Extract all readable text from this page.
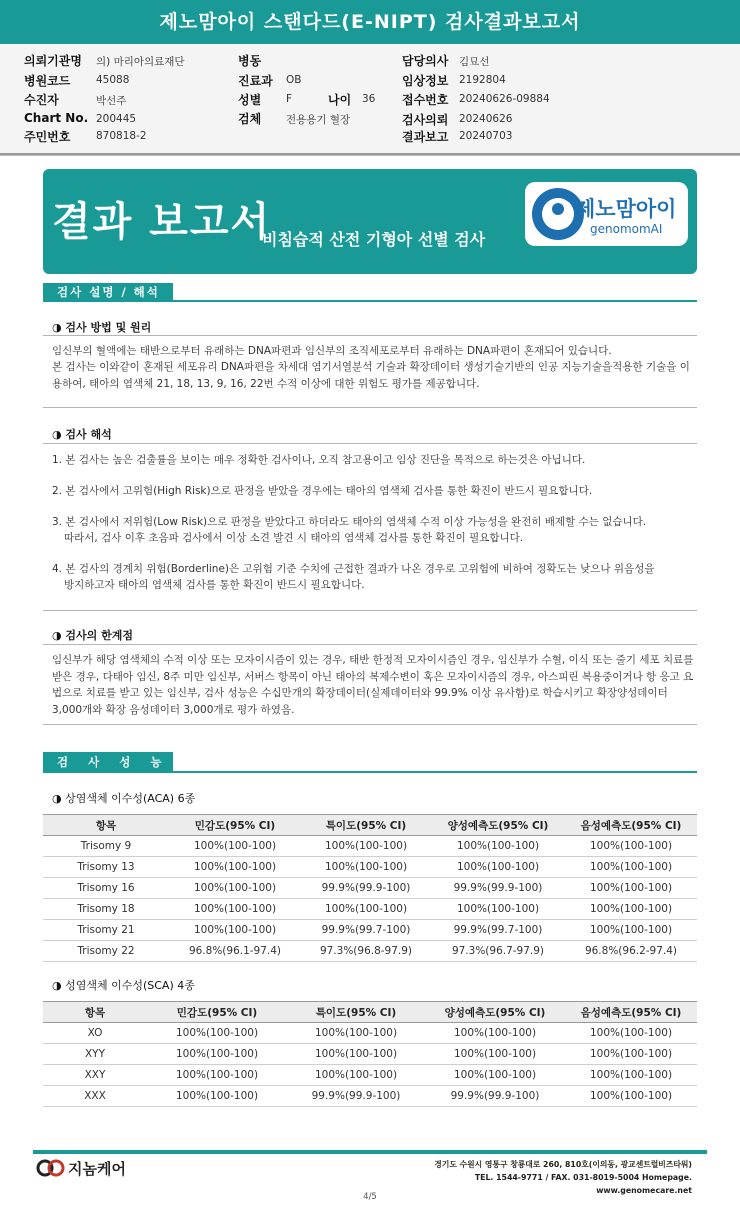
제노맘아이 스탠다드(E-NIPT) 검사결과보고서
의뢰기관명 의) 마리아의료재단
병원코드 45088
수진자	박선주
Chart No. 200445
주민번호 870818-2
병동
진료과 OB
성별 F	나이 36
검체 전용용기 혈장
담당의사 김묘선
임상정보 2192804
접수번호 20240626-09884
검사의뢰 20240626
결과보고 20240703
결과 보고서
비침습적 산전 기형아 선별 검사
제노맘아이
genomomAI
검사 설명 / 해석
◑ 검사 방법 및 원리
임신부의 혈액에는 태반으로부터 유래하는 DNA파편과 임신부의 조직세포로부터 유래하는 DNA파편이 혼재되어 있습니다.
본 검사는 이와같이 혼재된 세포유리 DNA파편을 차세대 염기서열분석 기술과 확장데이터 생성기술기반의 인공 지능기술을적용한 기술을 이용하여, 태아의 염색체 21, 18, 13, 9, 16, 22번 수적 이상에 대한 위험도 평가를 제공합니다.
◑ 검사 해석
1. 본 검사는 높은 검출률을 보이는 매우 정확한 검사이나, 오직 참고용이고 임상 진단을 목적으로 하는것은 아닙니다.
2. 본 검사에서 고위험(High Risk)으로 판정을 받았을 경우에는 태아의 염색체 검사를 통한 확진이 반드시 필요합니다.
3. 본 검사에서 저위험(Low Risk)으로 판정을 받았다고 하더라도 태아의 염색체 수적 이상 가능성을 완전히 배제할 수는 없습니다.
따라서, 검사 이후 초음파 검사에서 이상 소견 발견 시 태아의 염색체 검사를 통한 확진이 필요합니다.
4. 본 검사의 경계치 위험(Borderline)은 고위험 기준 수치에 근접한 결과가 나온 경우로 고위험에 비하여 정확도는 낮으나 위음성을
방지하고자 태아의 염색체 검사를 통한 확진이 반드시 필요합니다.
◑ 검사의 한계점
임신부가 해당 염색체의 수적 이상 또는 모자이시즘이 있는 경우, 태반 한정적 모자이시즘인 경우, 임신부가 수혈, 이식 또는 줄기 세포 치료를 받은 경우, 다태아 임신, 8주 미만 임신부, 서버스 항목이 아닌 태아의 복제수변이 혹은 모자이시즘의 경우, 아스피린 복용중이거나 항 응고 요법으로 치료를 받고 있는 임신부, 검사 성능은 수십만개의 확장데이터(실제데이터와 99.9% 이상 유사함)로 학습시키고 확장양성데이터 3,000개와 확장 음성데이터 3,000개로 평가 하였음.
검 사 성 능
◑ 상염색체 이수성(ACA) 6종
항목	민감도(95% CI)	특이도(95% CI)	양성예측도(95% CI)	음성예측도(95% CI)
Trisomy 9	100%(100-100)	100%(100-100)	100%(100-100)	100%(100-100)
Trisomy 13	100%(100-100)	100%(100-100)	100%(100-100)	100%(100-100)
Trisomy 16	100%(100-100)	99.9%(99.9-100)	99.9%(99.9-100)	100%(100-100)
Trisomy 18	100%(100-100)	100%(100-100)	100%(100-100)	100%(100-100)
Trisomy 21	100%(100-100)	99.9%(99.7-100)	99.9%(99.7-100)	100%(100-100)
Trisomy 22	96.8%(96.1-97.4)	97.3%(96.8-97.9)	97.3%(96.7-97.9)	96.8%(96.2-97.4)
◑ 성염색체 이수성(SCA) 4종
항목	민감도(95% CI)	특이도(95% CI)	양성예측도(95% CI)	음성예측도(95% CI)
XO	100%(100-100)	100%(100-100)	100%(100-100)	100%(100-100)
XYY	100%(100-100)	100%(100-100)	100%(100-100)	100%(100-100)
XXY	100%(100-100)	100%(100-100)	100%(100-100)	100%(100-100)
XXX	100%(100-100)	99.9%(99.9-100)	99.9%(99.9-100)	100%(100-100)
지놈케어	경기도 수원시 영통구 창룡대로 260, 810호(이의동, 광교센트럴비즈타워)
TEL. 1544-9771 / FAX. 031-8019-5004 Homepage. www.genomecare.net
4/5
